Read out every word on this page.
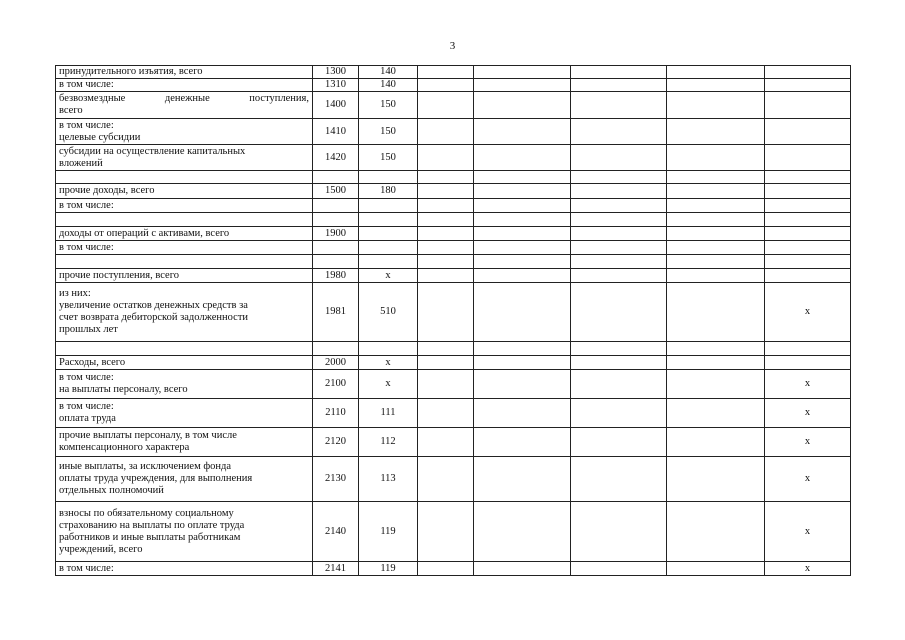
3
принудительного изъятия, всего	1300	140					

в том числе:	1310	140					

безвозмездные денежные поступления,
всего	1400	150					

в том числе:
целевые субсидии	1410	150					

субсидии на осуществление капитальных
вложений	1420	150					

прочие доходы, всего	1500	180					

в том числе:							

доходы от операций с активами, всего	1900						

в том числе:							

прочие поступления, всего	1980	x					

из них:
увеличение остатков денежных средств за
счет возврата дебиторской задолженности
прошлых лет	1981	510					x

Расходы, всего	2000	x					

в том числе:
на выплаты персоналу, всего	2100	x					x

в том числе:
оплата труда	2110	111					x

прочие выплаты персоналу, в том числе
компенсационного характера	2120	112					x

иные выплаты, за исключением фонда
оплаты труда учреждения, для выполнения
отдельных полномочий	2130	113					x

взносы по обязательному социальному
страхованию на выплаты по оплате труда
работников и иные выплаты работникам
учреждений, всего	2140	119					x

в том числе:	2141	119					x
